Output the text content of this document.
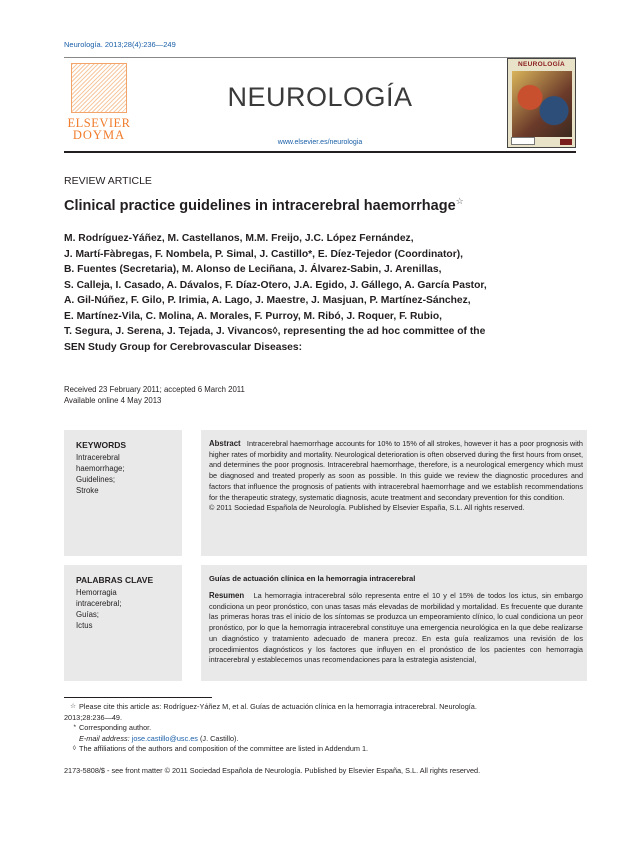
Neurología. 2013;28(4):236—249
ELSEVIER
DOYMA
NEUROLOGÍA
www.elsevier.es/neurologia
NEUROLOGÍA
REVIEW ARTICLE
Clinical practice guidelines in intracerebral haemorrhage☆
M. Rodríguez-Yáñez, M. Castellanos, M.M. Freijo, J.C. López Fernández,
J. Martí-Fàbregas, F. Nombela, P. Simal, J. Castillo*, E. Díez-Tejedor (Coordinator),
B. Fuentes (Secretaria), M. Alonso de Leciñana, J. Álvarez-Sabin, J. Arenillas,
S. Calleja, I. Casado, A. Dávalos, F. Díaz-Otero, J.A. Egido, J. Gállego, A. García Pastor,
A. Gil-Núñez, F. Gilo, P. Irimia, A. Lago, J. Maestre, J. Masjuan, P. Martínez-Sánchez,
E. Martínez-Vila, C. Molina, A. Morales, F. Purroy, M. Ribó, J. Roquer, F. Rubio,
T. Segura, J. Serena, J. Tejada, J. Vivancos◊, representing the ad hoc committee of the
SEN Study Group for Cerebrovascular Diseases:
Received 23 February 2011; accepted 6 March 2011
Available online 4 May 2013
KEYWORDS
Intracerebral
haemorrhage;
Guidelines;
Stroke
Abstract Intracerebral haemorrhage accounts for 10% to 15% of all strokes, however it has a poor prognosis with higher rates of morbidity and mortality. Neurological deterioration is often observed during the first hours from onset, and determines the poor prognosis. Intracerebral haemorrhage, therefore, is a neurological emergency which must be diagnosed and treated properly as soon as possible. In this guide we review the diagnostic procedures and factors that influence the prognosis of patients with intracerebral haemorrhage and we establish recommendations for the therapeutic strategy, systematic diagnosis, acute treatment and secondary prevention for this condition.
© 2011 Sociedad Española de Neurología. Published by Elsevier España, S.L. All rights reserved.
PALABRAS CLAVE
Hemorragia
intracerebral;
Guías;
Ictus
Guías de actuación clínica en la hemorragia intracerebral
Resumen La hemorragia intracerebral sólo representa entre el 10 y el 15% de todos los ictus, sin embargo condiciona un peor pronóstico, con unas tasas más elevadas de morbilidad y mortalidad. Es frecuente que durante las primeras horas tras el inicio de los síntomas se produzca un empeoramiento clínico, lo cual condiciona un peor pronóstico, por lo que la hemorragia intracerebral constituye una emergencia neurológica en la que debe realizarse un diagnóstico y tratamiento adecuado de manera precoz. En esta guía realizamos una revisión de los procedimientos diagnósticos y los factores que influyen en el pronóstico de los pacientes con hemorragia intracerebral y establecemos unas recomendaciones para la estrategia asistencial,
☆ Please cite this article as: Rodríguez-Yáñez M, et al. Guías de actuación clínica en la hemorragia intracerebral. Neurología.
2013;28:236—49.
* Corresponding author.
E-mail address: jose.castillo@usc.es (J. Castillo).
◊ The affiliations of the authors and composition of the committee are listed in Addendum 1.
2173-5808/$ - see front matter © 2011 Sociedad Española de Neurología. Published by Elsevier España, S.L. All rights reserved.
